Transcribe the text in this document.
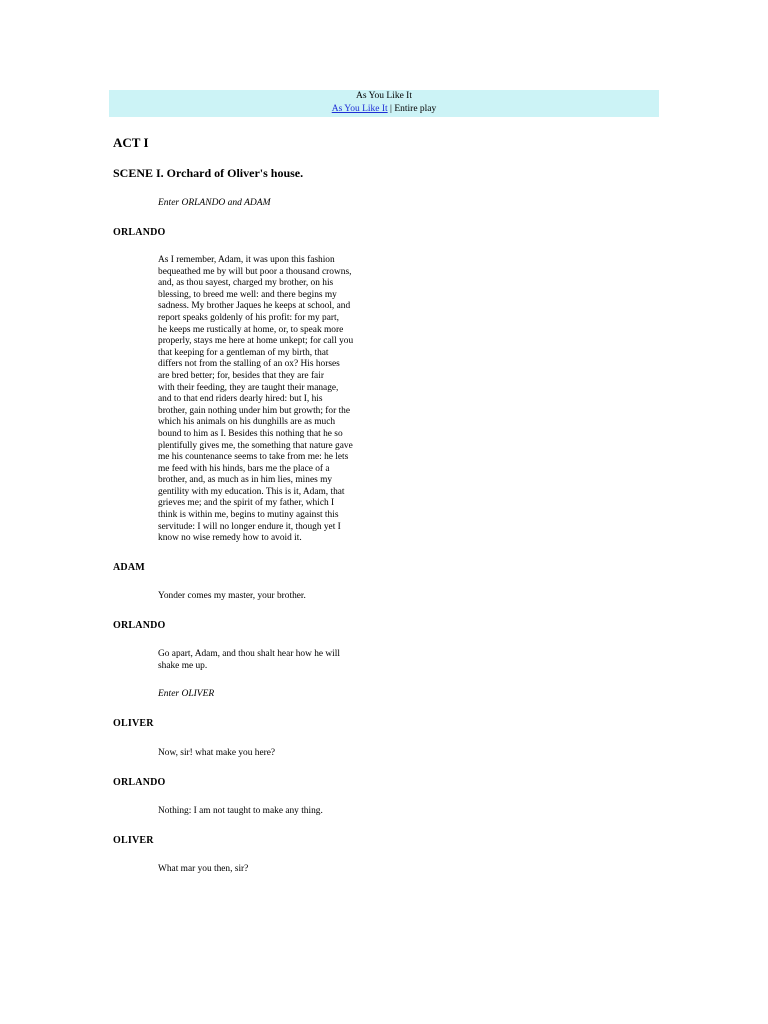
As You Like It
As You Like It | Entire play
ACT I
SCENE I. Orchard of Oliver's house.
Enter ORLANDO and ADAM
ORLANDO
As I remember, Adam, it was upon this fashion
bequeathed me by will but poor a thousand crowns,
and, as thou sayest, charged my brother, on his
blessing, to breed me well: and there begins my
sadness. My brother Jaques he keeps at school, and
report speaks goldenly of his profit: for my part,
he keeps me rustically at home, or, to speak more
properly, stays me here at home unkept; for call you
that keeping for a gentleman of my birth, that
differs not from the stalling of an ox? His horses
are bred better; for, besides that they are fair
with their feeding, they are taught their manage,
and to that end riders dearly hired: but I, his
brother, gain nothing under him but growth; for the
which his animals on his dunghills are as much
bound to him as I. Besides this nothing that he so
plentifully gives me, the something that nature gave
me his countenance seems to take from me: he lets
me feed with his hinds, bars me the place of a
brother, and, as much as in him lies, mines my
gentility with my education. This is it, Adam, that
grieves me; and the spirit of my father, which I
think is within me, begins to mutiny against this
servitude: I will no longer endure it, though yet I
know no wise remedy how to avoid it.
ADAM
Yonder comes my master, your brother.
ORLANDO
Go apart, Adam, and thou shalt hear how he will
shake me up.
Enter OLIVER
OLIVER
Now, sir! what make you here?
ORLANDO
Nothing: I am not taught to make any thing.
OLIVER
What mar you then, sir?
